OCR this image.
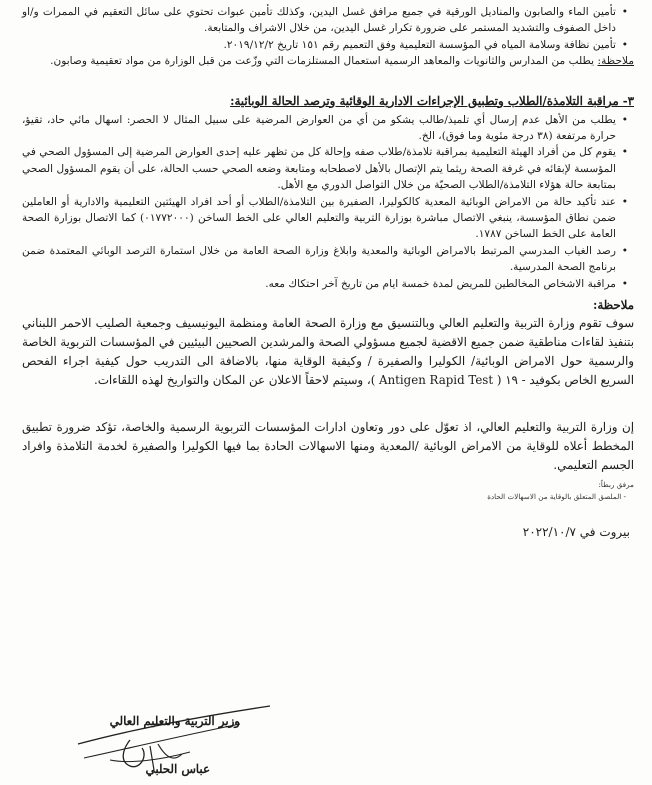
• تأمين الماء والصابون والمناديل الورقية في جميع مرافق غسل اليدين، وكذلك تأمين عبوات تحتوي على سائل التعقيم في الممرات و/او داخل الصفوف والتشديد المستمر على ضرورة تكرار غسل اليدين، من خلال الاشراف والمتابعة.

• تأمين نظافة وسلامة المياه في المؤسسة التعليمية وفق التعميم رقم ١٥١ تاريخ ٢٠١٩/١٢/٢.

ملاحظة: يطلب من المدارس والثانويات والمعاهد الرسمية استعمال المستلزمات التي وزّعت من قبل الوزارة من مواد تعقيمية وصابون.

٣- مراقبة التلامذة/الطلاب وتطبيق الإجراءات الادارية الوقائية وترصد الحالة الوبائية:

• يطلب من الأهل عدم إرسال أي تلميذ/طالب يشكو من أي من العوارض المرضية على سبيل المثال لا الحصر: اسهال مائي حاد، تقيؤ، حرارة مرتفعة (٣٨ درجة مئوية وما فوق)، الخ.

• يقوم كل من أفراد الهيئة التعليمية بمراقبة تلامذة/طلاب صفه وإحالة كل من تظهر عليه إحدى العوارض المرضية إلى المسؤول الصحي في المؤسسة لإبقائه في غرفة الصحة ريثما يتم الإتصال بالأهل لاصطحابه ومتابعة وضعه الصحي حسب الحالة، على أن يقوم المسؤول الصحي بمتابعة حالة هؤلاء التلامذة/الطلاب الصحيّة من خلال التواصل الدوري مع الأهل.

• عند تأكيد حالة من الامراض الوبائية المعدية كالكوليرا، الصفيرة بين التلامذة/الطلاب أو أحد افراد الهيئتين التعليمية والادارية أو العاملين ضمن نطاق المؤسسة، ينبغي الاتصال مباشرة بوزارة التربية والتعليم العالي على الخط الساخن (٠١٧٧٢٠٠٠) كما الاتصال بوزارة الصحة العامة على الخط الساخن ١٧٨٧.

• رصد الغياب المدرسي المرتبط بالامراض الوبائية والمعدية وابلاغ وزارة الصحة العامة من خلال استمارة الترصد الوبائي المعتمدة ضمن برنامج الصحة المدرسية.

• مراقبة الاشخاص المخالطين للمريض لمدة خمسة ايام من تاريخ آخر احتكاك معه.

ملاحظة:

سوف تقوم وزارة التربية والتعليم العالي وبالتنسيق مع وزارة الصحة العامة ومنظمة اليونيسيف وجمعية الصليب الاحمر اللبناني بتنفيذ لقاءات مناطقية ضمن جميع الاقضية لجميع مسؤولي الصحة والمرشدين الصحيين البيئيين في المؤسسات التربوية الخاصة والرسمية حول الامراض الوبائية/ الكوليرا والصفيرة / وكيفية الوقاية منها، بالاضافة الى التدريب حول كيفية اجراء الفحص السريع الخاص بكوفيد - ١٩ ( Antigen Rapid Test )، وسيتم لاحقاً الاعلان عن المكان والتواريخ لهذه اللقاءات.

إن وزارة التربية والتعليم العالي، اذ تعوّل على دور وتعاون ادارات المؤسسات التربوية الرسمية والخاصة، تؤكد ضرورة تطبيق المخطط أعلاه للوقاية من الامراض الوبائية /المعدية ومنها الاسهالات الحادة بما فيها الكوليرا والصفيرة لخدمة التلامذة وافراد الجسم التعليمي.

مرفق ربطاً:

- الملصق المتعلق بالوقاية من الاسهالات الحادة

بيروت في ٢٠٢٢/١٠/٧

وزير التربية والتعليم العالي
عباس الحلبي
